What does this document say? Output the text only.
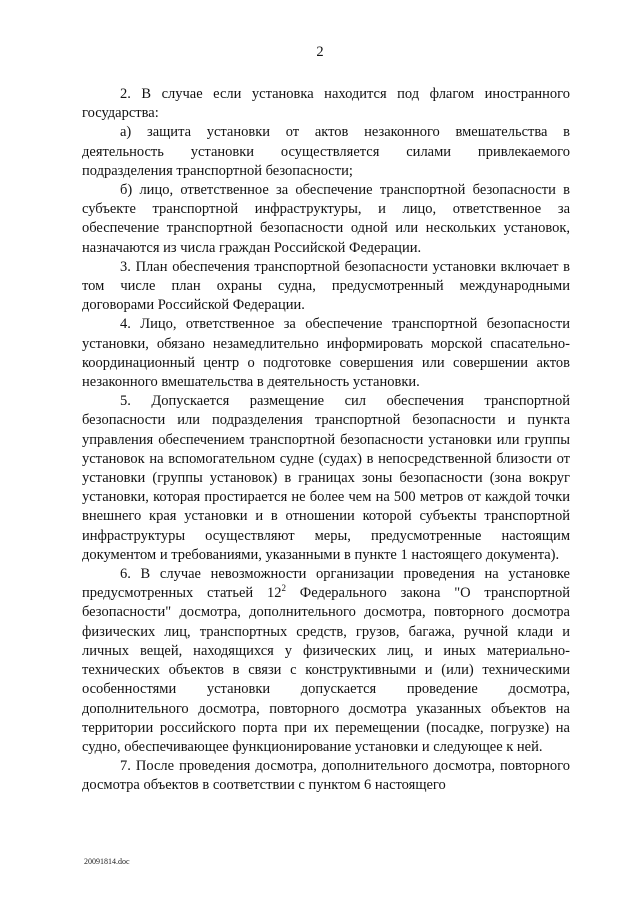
2

2. В случае если установка находится под флагом иностранного государства:

а) защита установки от актов незаконного вмешательства в деятельность установки осуществляется силами привлекаемого подразделения транспортной безопасности;

б) лицо, ответственное за обеспечение транспортной безопасности в субъекте транспортной инфраструктуры, и лицо, ответственное за обеспечение транспортной безопасности одной или нескольких установок, назначаются из числа граждан Российской Федерации.

3. План обеспечения транспортной безопасности установки включает в том числе план охраны судна, предусмотренный международными договорами Российской Федерации.

4. Лицо, ответственное за обеспечение транспортной безопасности установки, обязано незамедлительно информировать морской спасательно-координационный центр о подготовке совершения или совершении актов незаконного вмешательства в деятельность установки.

5. Допускается размещение сил обеспечения транспортной безопасности или подразделения транспортной безопасности и пункта управления обеспечением транспортной безопасности установки или группы установок на вспомогательном судне (судах) в непосредственной близости от установки (группы установок) в границах зоны безопасности (зона вокруг установки, которая простирается не более чем на 500 метров от каждой точки внешнего края установки и в отношении которой субъекты транспортной инфраструктуры осуществляют меры, предусмотренные настоящим документом и требованиями, указанными в пункте 1 настоящего документа).

6. В случае невозможности организации проведения на установке предусмотренных статьей $12^2$ Федерального закона "О транспортной безопасности" досмотра, дополнительного досмотра, повторного досмотра физических лиц, транспортных средств, грузов, багажа, ручной клади и личных вещей, находящихся у физических лиц, и иных материально-технических объектов в связи с конструктивными и (или) техническими особенностями установки допускается проведение досмотра, дополнительного досмотра, повторного досмотра указанных объектов на территории российского порта при их перемещении (посадке, погрузке) на судно, обеспечивающее функционирование установки и следующее к ней.

7. После проведения досмотра, дополнительного досмотра, повторного досмотра объектов в соответствии с пунктом 6 настоящего

20091814.doc
